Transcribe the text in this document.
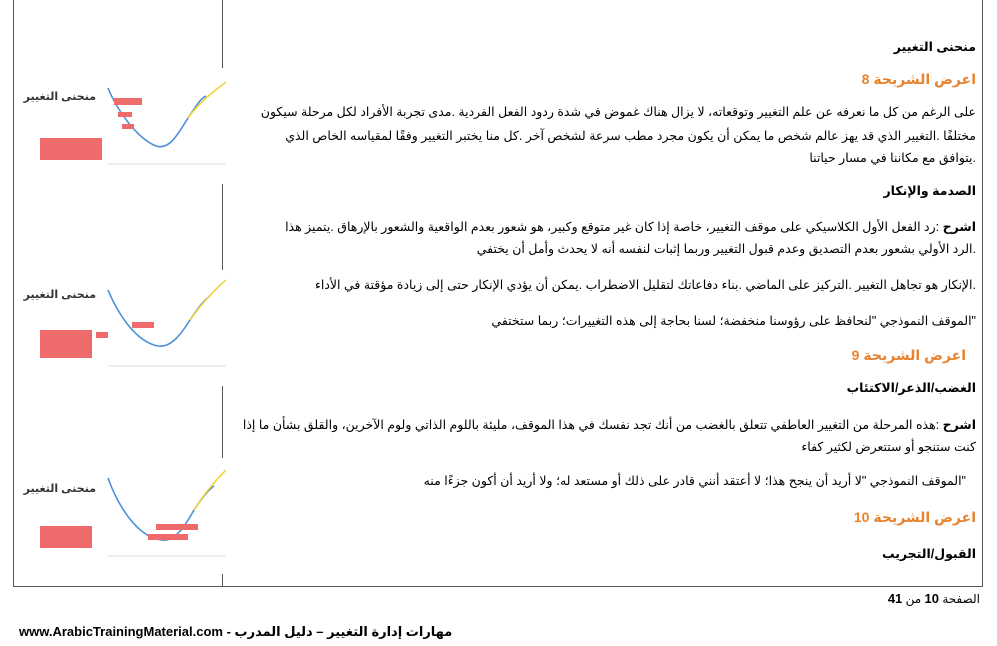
منحنى التغيير
منحنى التغيير
منحنى التغيير
منحنى التغيير
اعرض الشريحة 8
على الرغم من كل ما نعرفه عن علم التغيير وتوقعاته، لا يزال هناك غموض في شدة ردود الفعل الفردية .مدى تجربة الأفراد لكل مرحلة سيكون
مختلفًا .التغيير الذي قد يهز عالم شخص ما يمكن أن يكون مجرد مطب سرعة لشخص آخر .كل منا يختبر التغيير وفقًا لمقياسه الخاص الذي
.يتوافق مع مكاننا في مسار حياتنا
الصدمة والإنكار
اشرح :رد الفعل الأول الكلاسيكي على موقف التغيير، خاصة إذا كان غير متوقع وكبير، هو شعور بعدم الواقعية والشعور بالإرهاق .يتميز هذا
.الرد الأولي بشعور بعدم التصديق وعدم قبول التغيير وربما إثبات لنفسه أنه لا يحدث وأمل أن يختفي
.الإنكار هو تجاهل التغيير .التركيز على الماضي .بناء دفاعاتك لتقليل الاضطراب .يمكن أن يؤدي الإنكار حتى إلى زيادة مؤقتة في الأداء
"الموقف النموذجي "لنحافظ على رؤوسنا منخفضة؛ لسنا بحاجة إلى هذه التغييرات؛ ربما ستختفي
اعرض الشريحة 9
الغضب/الذعر/الاكتئاب
اشرح :هذه المرحلة من التغيير العاطفي تتعلق بالغضب من أنك تجد نفسك في هذا الموقف، مليئة باللوم الذاتي ولوم الآخرين، والقلق بشأن ما إذا
كنت ستنجو أو ستتعرض لكثير كفاء
"الموقف النموذجي "لا أريد أن ينجح هذا؛ لا أعتقد أنني قادر على ذلك أو مستعد له؛ ولا أريد أن أكون جزءًا منه
اعرض الشريحة 10
القبول/التجريب
الصفحة 10 من 41
www.ArabicTrainingMaterial.com - مهارات إدارة التغيير – دليل المدرب
